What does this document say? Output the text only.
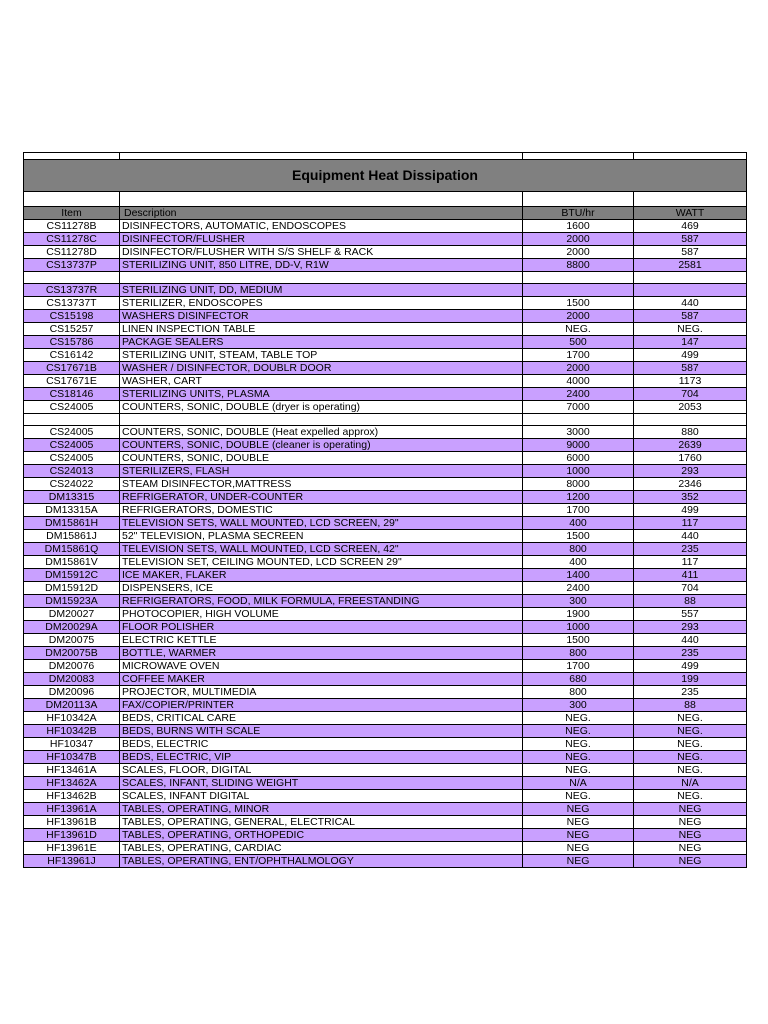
Equipment Heat Dissipation			

Item	Description	BTU/hr	WATT
CS11278B	DISINFECTORS, AUTOMATIC, ENDOSCOPES	1600	469
CS11278C	DISINFECTOR/FLUSHER	2000	587
CS11278D	DISINFECTOR/FLUSHER WITH S/S SHELF & RACK	2000	587
CS13737P	STERILIZING UNIT, 850 LITRE, DD-V, R1W	8800	2581

CS13737R	STERILIZING UNIT, DD, MEDIUM		
CS13737T	STERILIZER, ENDOSCOPES	1500	440
CS15198	WASHERS DISINFECTOR	2000	587
CS15257	LINEN INSPECTION TABLE	NEG.	NEG.
CS15786	PACKAGE SEALERS	500	147
CS16142	STERILIZING UNIT, STEAM, TABLE TOP	1700	499
CS17671B	WASHER / DISINFECTOR, DOUBLR DOOR	2000	587
CS17671E	WASHER, CART	4000	1173
CS18146	STERILIZING UNITS, PLASMA	2400	704
CS24005	COUNTERS, SONIC, DOUBLE (dryer is operating)	7000	2053

CS24005	COUNTERS, SONIC, DOUBLE (Heat expelled approx)	3000	880
CS24005	COUNTERS, SONIC, DOUBLE (cleaner is operating)	9000	2639
CS24005	COUNTERS, SONIC, DOUBLE	6000	1760
CS24013	STERILIZERS, FLASH	1000	293
CS24022	STEAM DISINFECTOR,MATTRESS	8000	2346
DM13315	REFRIGERATOR, UNDER-COUNTER	1200	352
DM13315A	REFRIGERATORS, DOMESTIC	1700	499
DM15861H	TELEVISION SETS, WALL MOUNTED, LCD SCREEN, 29"	400	117
DM15861J	52" TELEVISION, PLASMA SECREEN	1500	440
DM15861Q	TELEVISION SETS, WALL MOUNTED, LCD SCREEN, 42"	800	235
DM15861V	TELEVISION SET, CEILING MOUNTED, LCD SCREEN 29"	400	117
DM15912C	ICE MAKER, FLAKER	1400	411
DM15912D	DISPENSERS, ICE	2400	704
DM15923A	REFRIGERATORS, FOOD, MILK FORMULA, FREESTANDING	300	88
DM20027	PHOTOCOPIER, HIGH VOLUME	1900	557
DM20029A	FLOOR POLISHER	1000	293
DM20075	ELECTRIC KETTLE	1500	440
DM20075B	BOTTLE, WARMER	800	235
DM20076	MICROWAVE OVEN	1700	499
DM20083	COFFEE MAKER	680	199
DM20096	PROJECTOR, MULTIMEDIA	800	235
DM20113A	FAX/COPIER/PRINTER	300	88
HF10342A	BEDS, CRITICAL CARE	NEG.	NEG.
HF10342B	BEDS, BURNS WITH SCALE	NEG.	NEG.
HF10347	BEDS, ELECTRIC	NEG.	NEG.
HF10347B	BEDS, ELECTRIC, VIP	NEG.	NEG.
HF13461A	SCALES, FLOOR, DIGITAL	NEG.	NEG.
HF13462A	SCALES, INFANT, SLIDING WEIGHT	N/A	N/A
HF13462B	SCALES, INFANT DIGITAL	NEG.	NEG.
HF13961A	TABLES, OPERATING, MINOR	NEG	NEG
HF13961B	TABLES, OPERATING, GENERAL, ELECTRICAL	NEG	NEG
HF13961D	TABLES, OPERATING, ORTHOPEDIC	NEG	NEG
HF13961E	TABLES, OPERATING, CARDIAC	NEG	NEG
HF13961J	TABLES, OPERATING, ENT/OPHTHALMOLOGY	NEG	NEG
